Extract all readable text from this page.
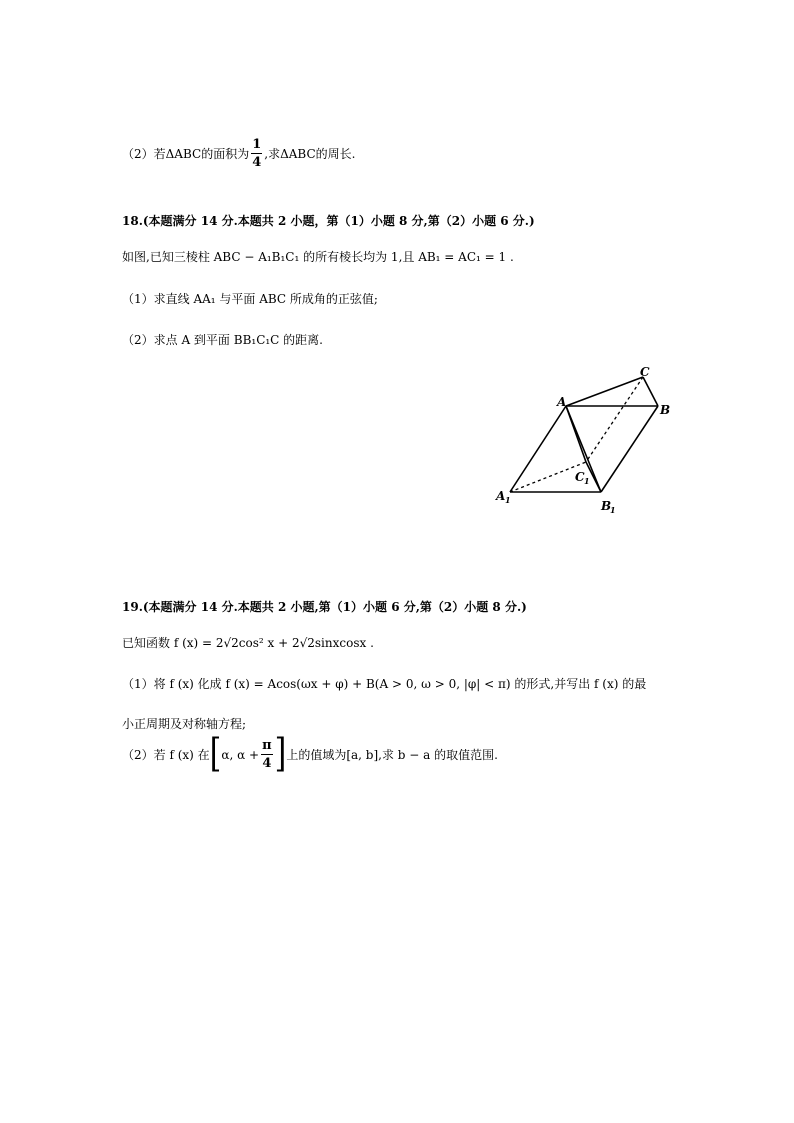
（2）若ΔABC的面积为 $\frac{1}{4}$ ,求ΔABC的周长.
18.(本题满分 14 分.本题共 2 小题，第（1）小题 8 分,第（2）小题 6 分.)
如图,已知三棱柱 ABC − A₁B₁C₁ 的所有棱长均为 1,且 AB₁ = AC₁ = 1 .
（1）求直线 AA₁ 与平面 ABC 所成角的正弦值;
（2）求点 A 到平面 BB₁C₁C 的距离.
A
C
B
C 1
A 1	B
1
19.(本题满分 14 分.本题共 2 小题,第（1）小题 6 分,第（2）小题 8 分.)
已知函数 f (x) = 2√2cos² x + 2√2sinxcosx .
（1）将 f (x) 化成 f (x) = Acos(ωx + φ) + B(A > 0, ω > 0, |φ| < π) 的形式,并写出 f (x) 的最
小正周期及对称轴方程;
（2）若 f (x) 在[α, $\alpha + \frac{\pi}{4}$ ]上的值域为[a, b],求 b − a 的取值范围.
